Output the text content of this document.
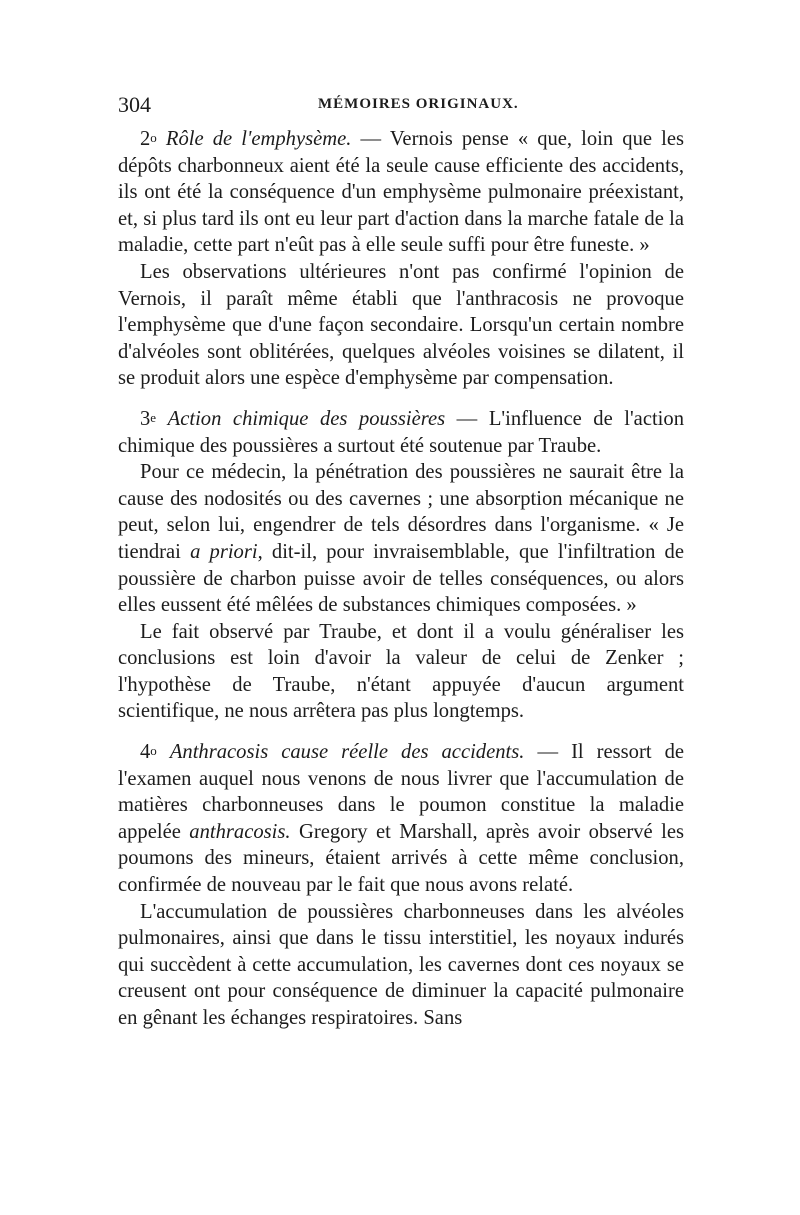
304	MÉMOIRES ORIGINAUX.

2$^o$ Rôle de l'emphysème. — Vernois pense « que, loin que les dépôts charbonneux aient été la seule cause efficiente des accidents, ils ont été la conséquence d'un emphysème pulmonaire préexistant, et, si plus tard ils ont eu leur part d'action dans la marche fatale de la maladie, cette part n'eût pas à elle seule suffi pour être funeste. »

Les observations ultérieures n'ont pas confirmé l'opinion de Vernois, il paraît même établi que l'anthracosis ne provoque l'emphysème que d'une façon secondaire. Lorsqu'un certain nombre d'alvéoles sont oblitérées, quelques alvéoles voisines se dilatent, il se produit alors une espèce d'emphysème par compensation.

3e Action chimique des poussières — L'influence de l'action chimique des poussières a surtout été soutenue par Traube.

Pour ce médecin, la pénétration des poussières ne saurait être la cause des nodosités ou des cavernes ; une absorption mécanique ne peut, selon lui, engendrer de tels désordres dans l'organisme. « Je tiendrai a priori, dit-il, pour invraisemblable, que l'infiltration de poussière de charbon puisse avoir de telles conséquences, ou alors elles eussent été mêlées de substances chimiques composées. »

Le fait observé par Traube, et dont il a voulu généraliser les conclusions est loin d'avoir la valeur de celui de Zenker ; l'hypothèse de Traube, n'étant appuyée d'aucun argument scientifique, ne nous arrêtera pas plus longtemps.

4$^o$ Anthracosis cause réelle des accidents. — Il ressort de l'examen auquel nous venons de nous livrer que l'accumulation de matières charbonneuses dans le poumon constitue la maladie appelée anthracosis. Gregory et Marshall, après avoir observé les poumons des mineurs, étaient arrivés à cette même conclusion, confirmée de nouveau par le fait que nous avons relaté.

L'accumulation de poussières charbonneuses dans les alvéoles pulmonaires, ainsi que dans le tissu interstitiel, les noyaux indurés qui succèdent à cette accumulation, les cavernes dont ces noyaux se creusent ont pour conséquence de diminuer la capacité pulmonaire en gênant les échanges respiratoires. Sans
